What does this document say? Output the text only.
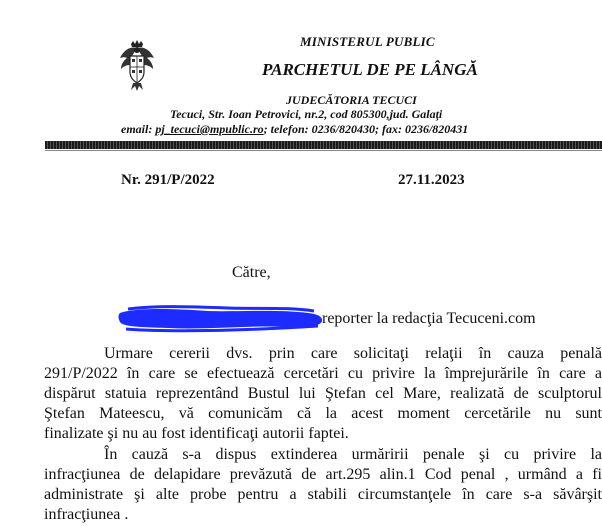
MINISTERUL PUBLIC
PARCHETUL DE PE LÂNGĂ
JUDECĂTORIA TECUCI
Tecuci, Str. Ioan Petrovici, nr.2, cod 805300,jud. Galaţi
email: pj_tecuci@mpublic.ro; telefon: 0236/820430; fax: 0236/820431
Nr. 291/P/2022	27.11.2023
Către,
reporter la redacţia Tecuceni.com
Urmare cererii dvs. prin care solicitaţi relaţii în cauza penală
291/P/2022 în care se efectuează cercetări cu privire la împrejurările în care a
dispărut statuia reprezentând Bustul lui Ştefan cel Mare, realizată de sculptorul
Ştefan Mateescu, vă comunicăm că la acest moment cercetările nu sunt
finalizate şi nu au fost identificaţi autorii faptei.
În cauză s-a dispus extinderea urmăririi penale şi cu privire la
infracţiunea de delapidare prevăzută de art.295 alin.1 Cod penal , urmând a fi
administrate şi alte probe pentru a stabili circumstanţele în care s-a săvârşit
infracţiunea .
